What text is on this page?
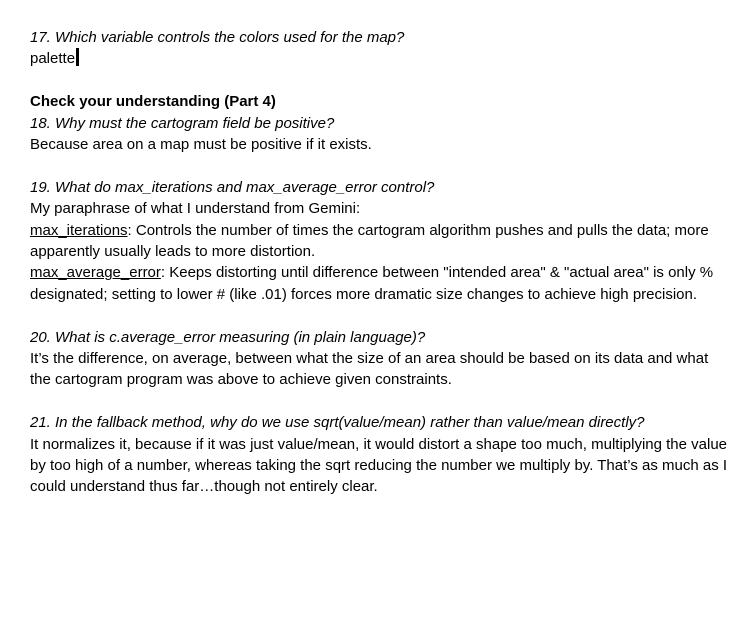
17. Which variable controls the colors used for the map?
palette
Check your understanding (Part 4)
18. Why must the cartogram field be positive?
Because area on a map must be positive if it exists.
19. What do max_iterations and max_average_error control?
My paraphrase of what I understand from Gemini:
max_iterations: Controls the number of times the cartogram algorithm pushes and pulls the data; more apparently usually leads to more distortion.
max_average_error: Keeps distorting until difference between "intended area" & "actual area" is only % designated; setting to lower # (like .01) forces more dramatic size changes to achieve high precision.
20. What is c.average_error measuring (in plain language)?
It’s the difference, on average, between what the size of an area should be based on its data and what the cartogram program was above to achieve given constraints.
21. In the fallback method, why do we use sqrt(value/mean) rather than value/mean directly?
It normalizes it, because if it was just value/mean, it would distort a shape too much, multiplying the value by too high of a number, whereas taking the sqrt reducing the number we multiply by. That’s as much as I could understand thus far…though not entirely clear.
